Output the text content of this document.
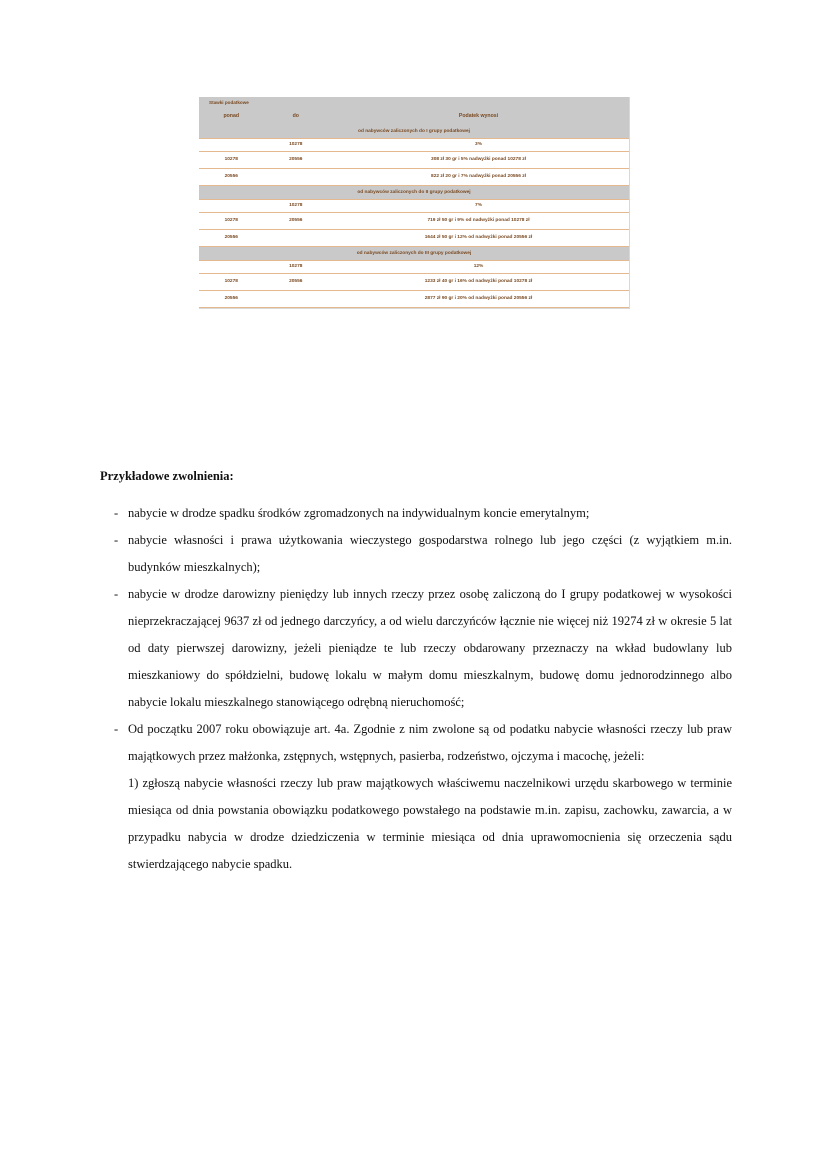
Stawki podatkowe		
ponad	do	Podatek wynosi
od nabywców zaliczonych do I grupy podatkowej		
	10278	3%
10278	20556	308 zł 30 gr i 5% nadwyżki ponad 10278 zł
20556		822 zł 20 gr i 7% nadwyżki ponad 20556 zł
od nabywców zaliczonych do II grupy podatkowej		
	10278	7%
10278	20556	719 zł 50 gr i 9% od nadwyżki ponad 10278 zł
20556		1644 zł 50 gr i 12% od nadwyżki ponad 20556 zł
od nabywców zaliczonych do III grupy podatkowej		
	10278	12%
10278	20556	1233 zł 40 gr i 16% od nadwyżki ponad 10278 zł
20556		2877 zł 90 gr i 20% od nadwyżki ponad 20556 zł

Przykładowe zwolnienia:

- nabycie w drodze spadku środków zgromadzonych na indywidualnym koncie emerytalnym;
- nabycie własności i prawa użytkowania wieczystego gospodarstwa rolnego lub jego części (z wyjątkiem m.in. budynków mieszkalnych);
- nabycie w drodze darowizny pieniędzy lub innych rzeczy przez osobę zaliczoną do I grupy podatkowej w wysokości nieprzekraczającej 9637 zł od jednego darczyńcy, a od wielu darczyńców łącznie nie więcej niż 19274 zł w okresie 5 lat od daty pierwszej darowizny, jeżeli pieniądze te lub rzeczy obdarowany przeznaczy na wkład budowlany lub mieszkaniowy do spółdzielni, budowę lokalu w małym domu mieszkalnym, budowę domu jednorodzinnego albo nabycie lokalu mieszkalnego stanowiącego odrębną nieruchomość;
- Od początku 2007 roku obowiązuje art. 4a. Zgodnie z nim zwolone są od podatku nabycie własności rzeczy lub praw majątkowych przez małżonka, zstępnych, wstępnych, pasierba, rodzeństwo, ojczyma i macochę, jeżeli:
1) zgłoszą nabycie własności rzeczy lub praw majątkowych właściwemu naczelnikowi urzędu skarbowego w terminie miesiąca od dnia powstania obowiązku podatkowego powstałego na podstawie m.in. zapisu, zachowku, zawarcia, a w przypadku nabycia w drodze dziedziczenia w terminie miesiąca od dnia uprawomocnienia się orzeczenia sądu stwierdzającego nabycie spadku.
